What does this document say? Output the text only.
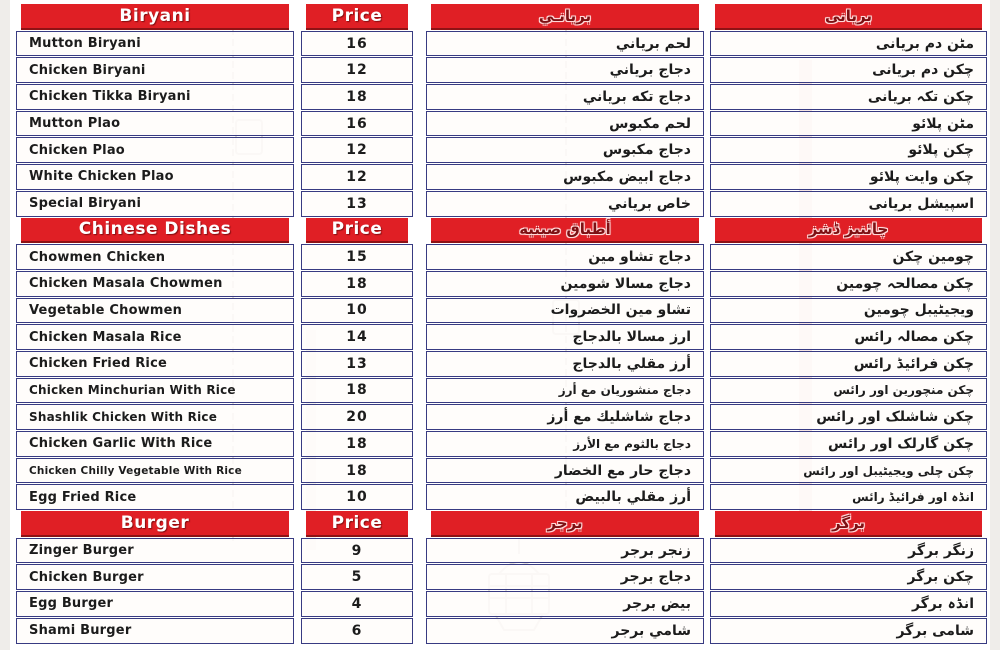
Biryani
Mutton Biryani
Chicken Biryani
Chicken Tikka Biryani
Mutton Plao
Chicken Plao
White Chicken Plao
Special Biryani
Chinese Dishes
Chowmen Chicken
Chicken Masala Chowmen
Vegetable Chowmen
Chicken Masala Rice
Chicken Fried Rice
Chicken Minchurian With Rice
Shashlik Chicken With Rice
Chicken Garlic With Rice
Chicken Chilly Vegetable With Rice
Egg Fried Rice
Burger
Zinger Burger
Chicken Burger
Egg Burger
Shami Burger
Price
16
12
18
16
12
12
13
Price
15
18
10
14
13
18
20
18
18
10
Price
9
5
4
6
بريانـي
لحم برياني
دجاج برياني
دجاج تكه برياني
لحم مكبوس
دجاج مكبوس
دجاج ابيض مكبوس
خاص برياني
أطباق صينيه
دجاج تشاو مين
دجاج مسالا شومين
تشاو مين الخضروات
ارز مسالا بالدجاج
أرز مقلي بالدجاج
دجاج منشوريان مع أرز
دجاج شاشليك مع أرز
دجاج بالثوم مع الأرز
دجاج حار مع الخضار
أرز مقلي بالبيض
برجر
زنجر برجر
دجاج برجر
بيض برجر
شامي برجر
بریانی
مٹن دم بریانی
چکن دم بریانی
چکن تکہ بریانی
مٹن پلائو
چکن پلائو
چکن وایت پلائو
اسپیشل بریانی
چائنیز ڈشز
چومین چکن
چکن مصالحہ چومین
ویجیٹیبل چومین
چکن مصالہ رائس
چکن فرائیڈ رائس
چکن منچورین اور رائس
چکن شاشلک اور رائس
چکن گارلک اور رائس
چکن چلی ویجیٹیبل اور رائس
انڈہ اور فرائیڈ رائس
برگر
زنگر برگر
چکن برگر
انڈہ برگر
شامی برگر
